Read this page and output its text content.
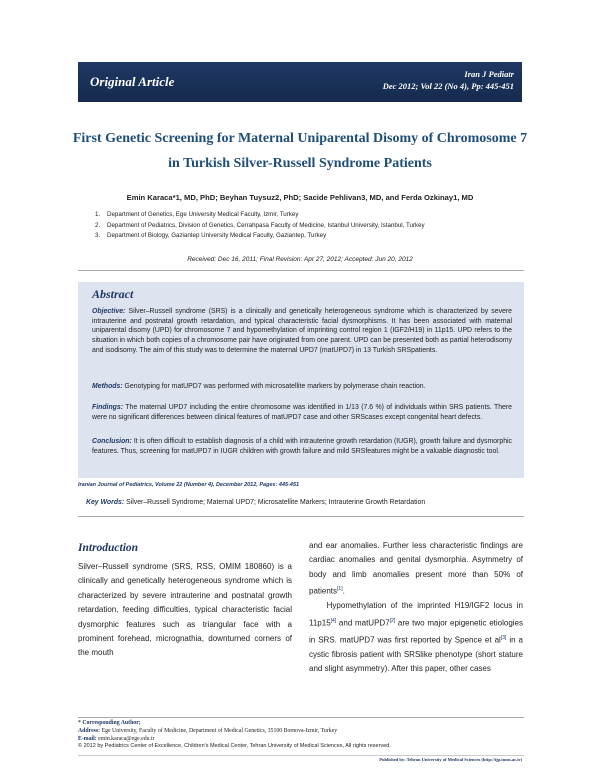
Original Article	Iran J Pediatr
Dec 2012; Vol 22 (No 4), Pp: 445-451
First Genetic Screening for Maternal Uniparental Disomy of Chromosome 7
in Turkish Silver-Russell Syndrome Patients
Emin Karaca*1, MD, PhD; Beyhan Tuysuz2, PhD; Sacide Pehlivan3, MD, and Ferda Ozkinay1, MD
1. Department of Genetics, Ege University Medical Faculty, Izmir, Turkey
2. Department of Pediatrics, Division of Genetics, Cerrahpasa Faculty of Medicine, Istanbul University, Istanbul, Turkey
3. Department of Biology, Gaziantep University Medical Faculty, Gaziantep, Turkey
Received: Dec 16, 2011; Final Revision: Apr 27, 2012; Accepted: Jun 20, 2012
Abstract

Objective: Silver–Russell syndrome (SRS) is a clinically and genetically heterogeneous syndrome which is characterized by severe intrauterine and postnatal growth retardation, and typical characteristic facial dysmorphisms. It has been associated with maternal uniparental disomy (UPD) for chromosome 7 and hypomethylation of imprinting control region 1 (IGF2/H19) in 11p15. UPD refers to the situation in which both copies of a chromosome pair have originated from one parent. UPD can be presented both as partial heterodisomy and isodisomy. The aim of this study was to determine the maternal UPD7 (matUPD7) in 13 Turkish SRSpatients.

Methods: Genotyping for matUPD7 was performed with microsatellite markers by polymerase chain reaction.

Findings: The maternal UPD7 including the entire chromosome was identified in 1/13 (7.6 %) of individuals within SRS patients. There were no significant differences between clinical features of matUPD7 case and other SRScases except congenital heart defects.

Conclusion: It is often difficult to establish diagnosis of a child with intrauterine growth retardation (IUGR), growth failure and dysmorphic features. Thus, screening for matUPD7 in IUGR children with growth failure and mild SRSfeatures might be a valuable diagnostic tool.

Iranian Journal of Pediatrics, Volume 22 (Number 4), December 2012, Pages: 445-451
Key Words: Silver–Russell Syndrome; Maternal UPD7; Microsatellite Markers; Intrauterine Growth Retardation
Introduction

Silver–Russell syndrome (SRS, RSS, OMIM 180860) is a clinically and genetically heterogeneous syndrome which is characterized by severe intrauterine and postnatal growth retardation, feeding difficulties, typical characteristic facial dysmorphic features such as triangular face with a prominent forehead, micrognathia, downturned corners of the mouth

and ear anomalies. Further less characteristic findings are cardiac anomalies and genital dysmorphia. Asymmetry of body and limb anomalies present more than 50% of patients[1].
Hypomethylation of the imprinted H19/IGF2 locus in 11p15[4] and matUPD7[2] are two major epigenetic etiologies in SRS. matUPD7 was first reported by Spence et al[3] in a cystic fibrosis patient with SRSlike phenotype (short stature and slight asymmetry). After this paper, other cases

* Corresponding Author;
Address: Ege University, Faculty of Medicine, Department of Medical Genetics, 35100 Bornova-Izmir, Turkey
E-mail: emin.karaca@ege.edu.tr
© 2012 by Pediatrics Center of Excellence, Children's Medical Center, Tehran University of Medical Sciences, All rights reserved.
Published by: Tehran University of Medical Sciences (http://ijp.tums.ac.ir)
